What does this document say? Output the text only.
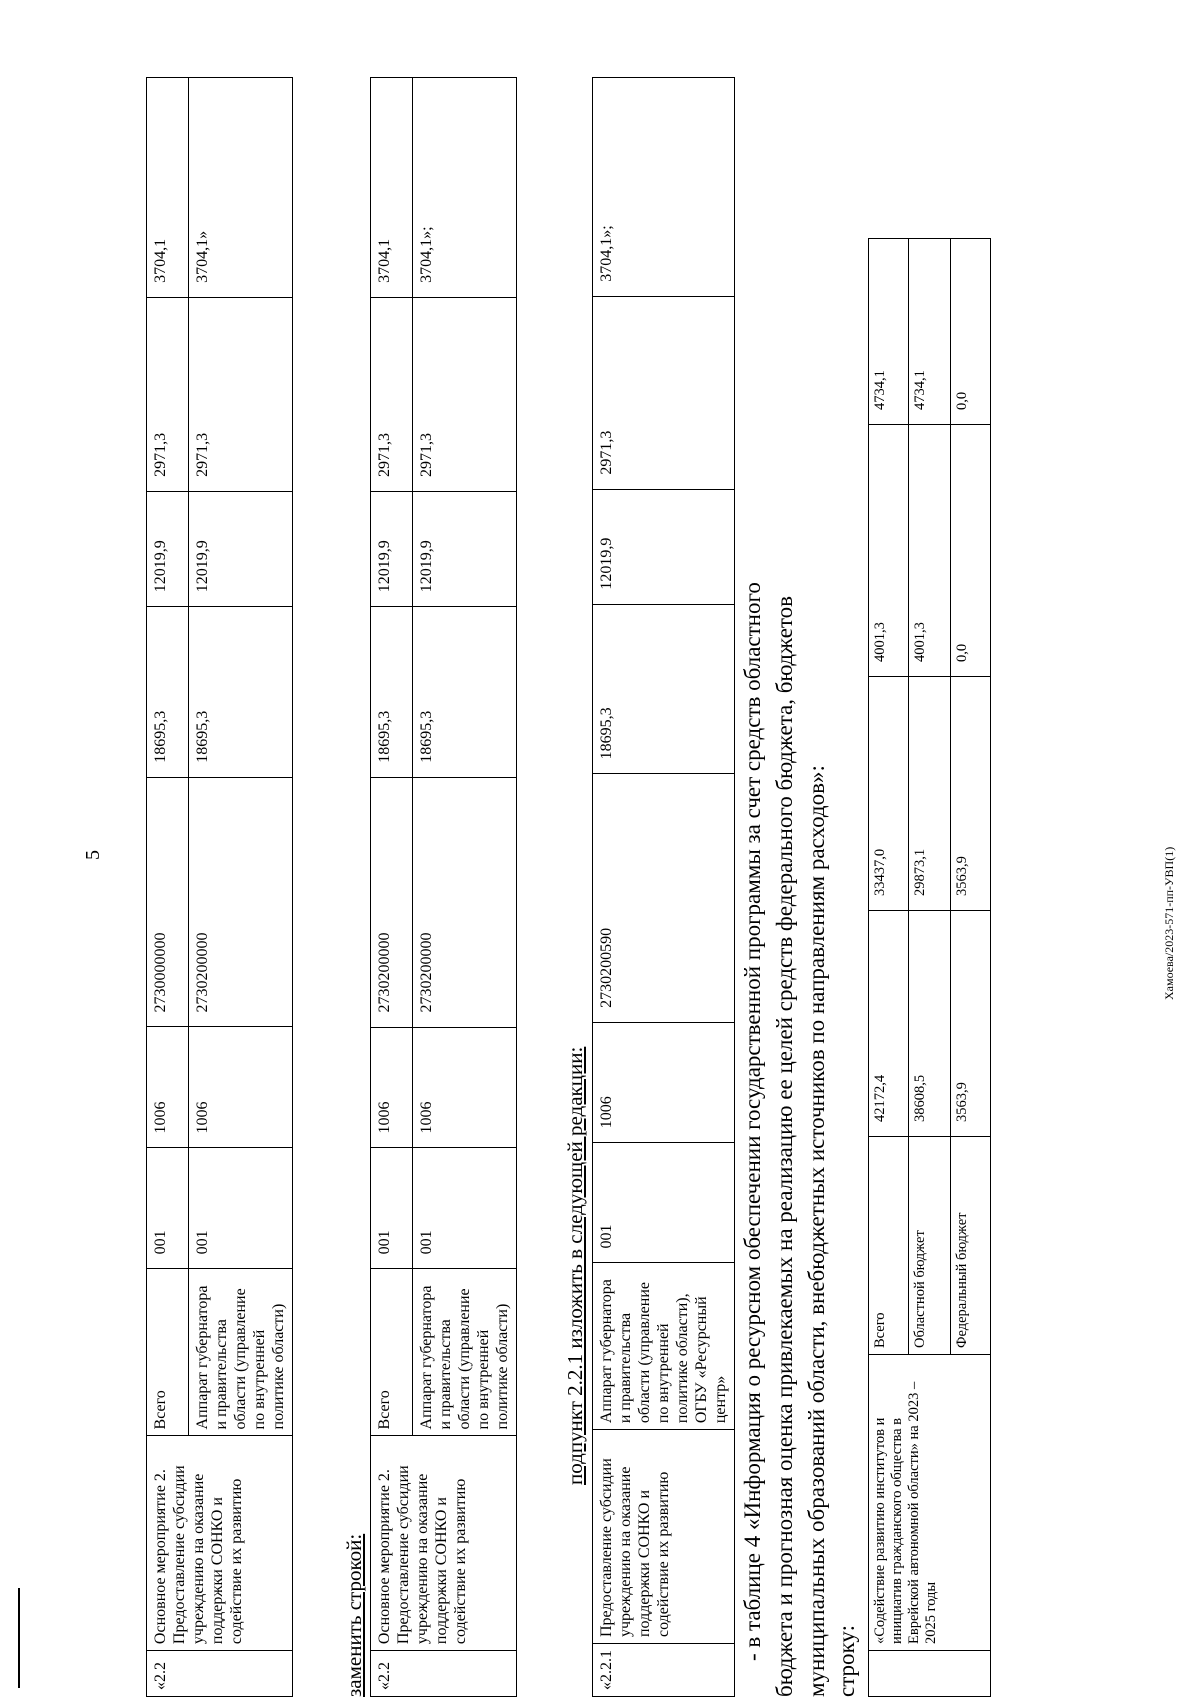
5	Хамоева/2023-571-пп-УВП(1)
«2.2	Основное мероприятие 2. Предоставление субсидии учреждению на оказание поддержки СОНКО и содействие их развитию	Всего	001	1006	2730000000	18695,3	12019,9	2971,3	3704,1
		Аппарат губернатора и правительства области (управление по внутренней политике области)	001	1006	2730200000	18695,3	12019,9	2971,3	3704,1»
заменить строкой: «2.2	Основное мероприятие 2. Предоставление субсидии учреждению на оказание поддержки СОНКО и содействие их развитию	Всего	001	1006	2730200000	18695,3	12019,9	2971,3	3704,1
		Аппарат губернатора и правительства области (управление по внутренней политике области)	001	1006	2730200000	18695,3	12019,9	2971,3	3704,1»;
подпункт 2.2.1 изложить в следующей редакции:
«2.2.1	Предоставление субсидии учреждению на оказание поддержки СОНКО и содействие их развитию	Аппарат губернатора и правительства области (управление по внутренней политике области), ОГБУ «Ресурсный центр»	001	1006	2730200590	18695,3	12019,9	2971,3	3704,1»;
- в таблице 4 «Информация о ресурсном обеспечении государственной программы за счет средств областного бюджета и прогнозная оценка привлекаемых на реализацию ее целей средств федерального бюджета, бюджетов муниципальных образований области, внебюджетных источников по направлениям расходов»: строку:
	«Содействие развитию институтов и инициатив гражданского общества в Еврейской автономной области» на 2023 – 2025 годы	Всего	42172,4	33437,0	4001,3	4734,1
		Областной бюджет	38608,5	29873,1	4001,3	4734,1
		Федеральный бюджет	3563,9	3563,9	0,0	0,0
